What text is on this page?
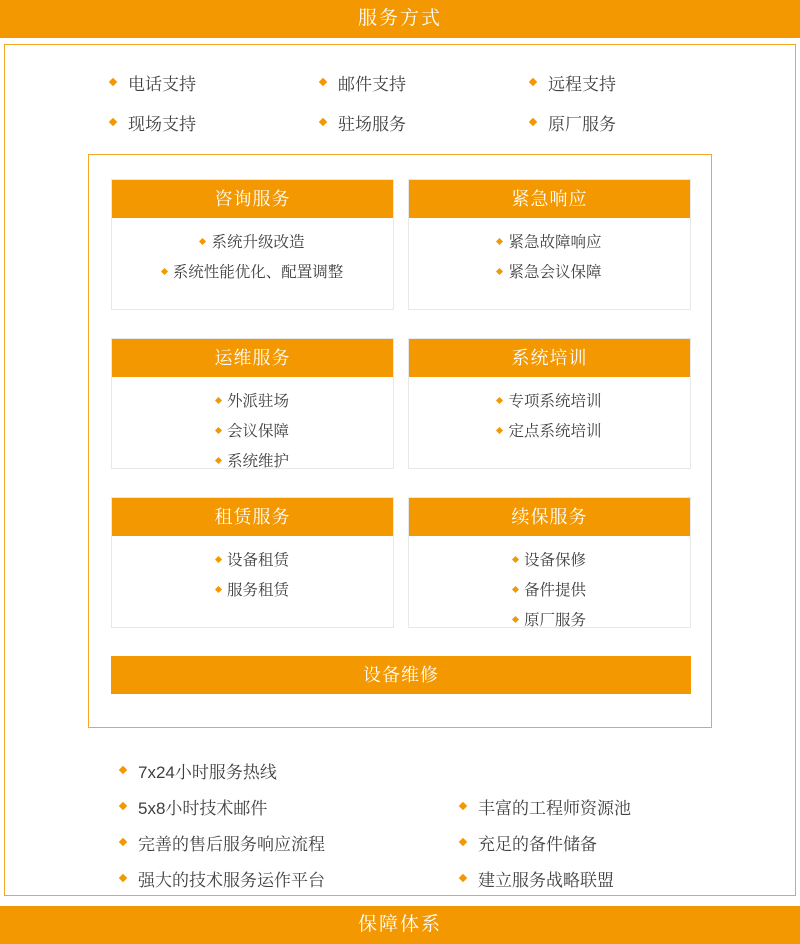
服务方式
电话支持	邮件支持	远程支持
现场支持	驻场服务	原厂服务
咨询服务
系统升级改造
系统性能优化、配置调整
紧急响应
紧急故障响应
紧急会议保障
运维服务
外派驻场
会议保障
系统维护
系统培训
专项系统培训
定点系统培训
租赁服务
设备租赁
服务租赁
续保服务
设备保修
备件提供
原厂服务
设备维修
7x24小时服务热线
5x8小时技术邮件
完善的售后服务响应流程
强大的技术服务运作平台
丰富的工程师资源池
充足的备件储备
建立服务战略联盟
保障体系
